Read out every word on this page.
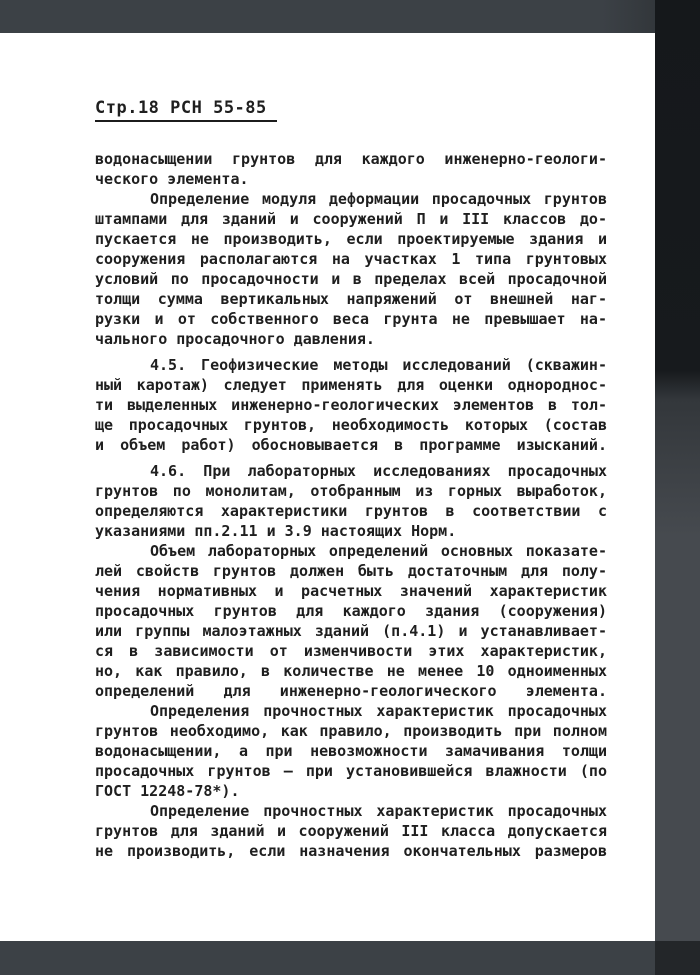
Стр.18 РСН 55-85
водонасыщении грунтов для каждого инженерно-геологи-
ческого элемента.
Определение модуля деформации просадочных грунтов
штампами для зданий и сооружений П и III классов до-
пускается не производить, если проектируемые здания и
сооружения располагаются на участках 1 типа грунтовых
условий по просадочности и в пределах всей просадочной
толщи сумма вертикальных напряжений от внешней наг-
рузки и от собственного веса грунта не превышает на-
чального просадочного давления.
4.5. Геофизические методы исследований (скважин-
ный каротаж) следует применять для оценки однороднос-
ти выделенных инженерно-геологических элементов в тол-
ще просадочных грунтов, необходимость которых (состав
и объем работ) обосновывается в программе изысканий.
4.6. При лабораторных исследованиях просадочных
грунтов по монолитам, отобранным из горных выработок,
определяются характеристики грунтов в соответствии с
указаниями пп.2.11 и 3.9 настоящих Норм.
Объем лабораторных определений основных показате-
лей свойств грунтов должен быть достаточным для полу-
чения нормативных и расчетных значений характеристик
просадочных грунтов для каждого здания (сооружения)
или группы малоэтажных зданий (п.4.1) и устанавливает-
ся в зависимости от изменчивости этих характеристик,
но, как правило, в количестве не менее 10 одноименных
определений для инженерно-геологического элемента.
Определения прочностных характеристик просадочных
грунтов необходимо, как правило, производить при полном
водонасыщении, а при невозможности замачивания толщи
просадочных грунтов – при установившейся влажности (по
ГОСТ 12248-78*).
Определение прочностных характеристик просадочных
грунтов для зданий и сооружений III класса допускается
не производить, если назначения окончательных размеров
